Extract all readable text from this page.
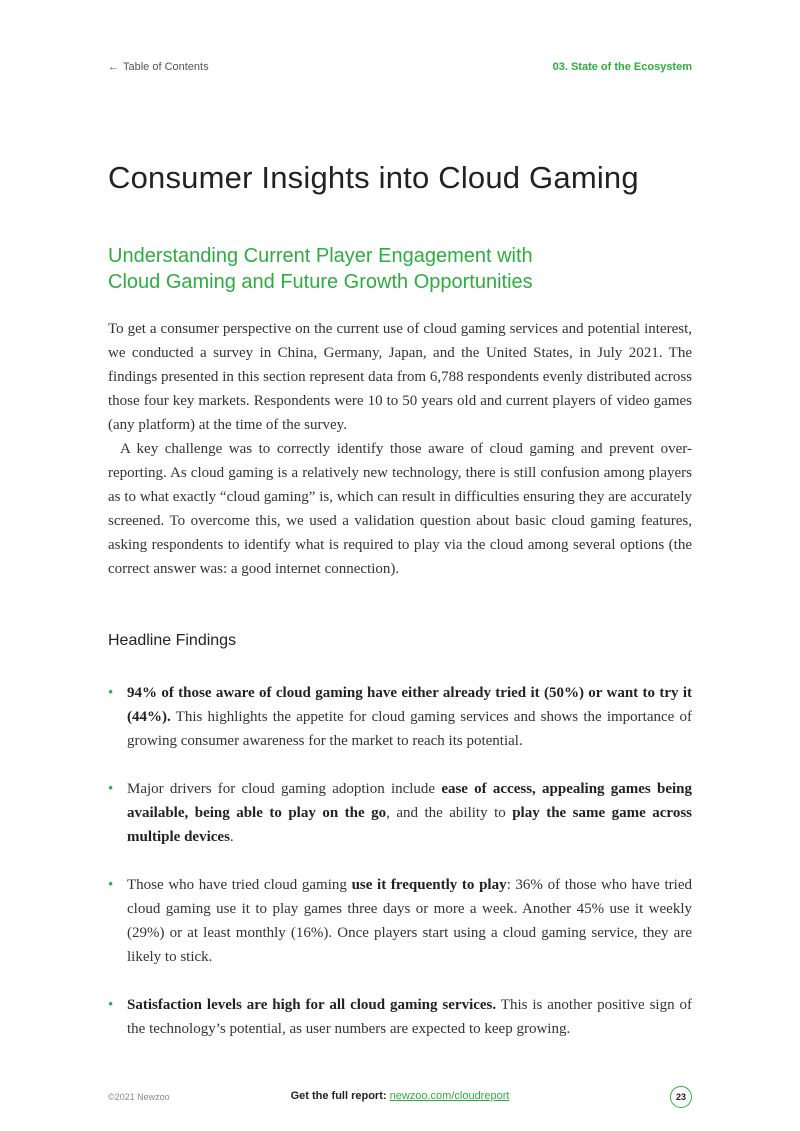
← Table of Contents	03. State of the Ecosystem
Consumer Insights into Cloud Gaming
Understanding Current Player Engagement with
Cloud Gaming and Future Growth Opportunities

To get a consumer perspective on the current use of cloud gaming services and potential interest, we conducted a survey in China, Germany, Japan, and the United States, in July 2021. The findings presented in this section represent data from 6,788 respondents evenly distributed across those four key markets. Respondents were 10 to 50 years old and current players of video games (any platform) at the time of the survey.

A key challenge was to correctly identify those aware of cloud gaming and prevent over-reporting. As cloud gaming is a relatively new technology, there is still confusion among players as to what exactly “cloud gaming” is, which can result in difficulties ensuring they are accurately screened. To overcome this, we used a validation question about basic cloud gaming features, asking respondents to identify what is required to play via the cloud among several options (the correct answer was: a good internet connection).

Headline Findings
• 94% of those aware of cloud gaming have either already tried it (50%) or want to try it (44%). This highlights the appetite for cloud gaming services and shows the importance of growing consumer awareness for the market to reach its potential.
• Major drivers for cloud gaming adoption include ease of access, appealing games being available, being able to play on the go, and the ability to play the same game across multiple devices.
• Those who have tried cloud gaming use it frequently to play: 36% of those who have tried cloud gaming use it to play games three days or more a week. Another 45% use it weekly (29%) or at least monthly (16%). Once players start using a cloud gaming service, they are likely to stick.
• Satisfaction levels are high for all cloud gaming services. This is another positive sign of the technology’s potential, as user numbers are expected to keep growing.
©2021 Newzoo	Get the full report: newzoo.com/cloudreport	23
